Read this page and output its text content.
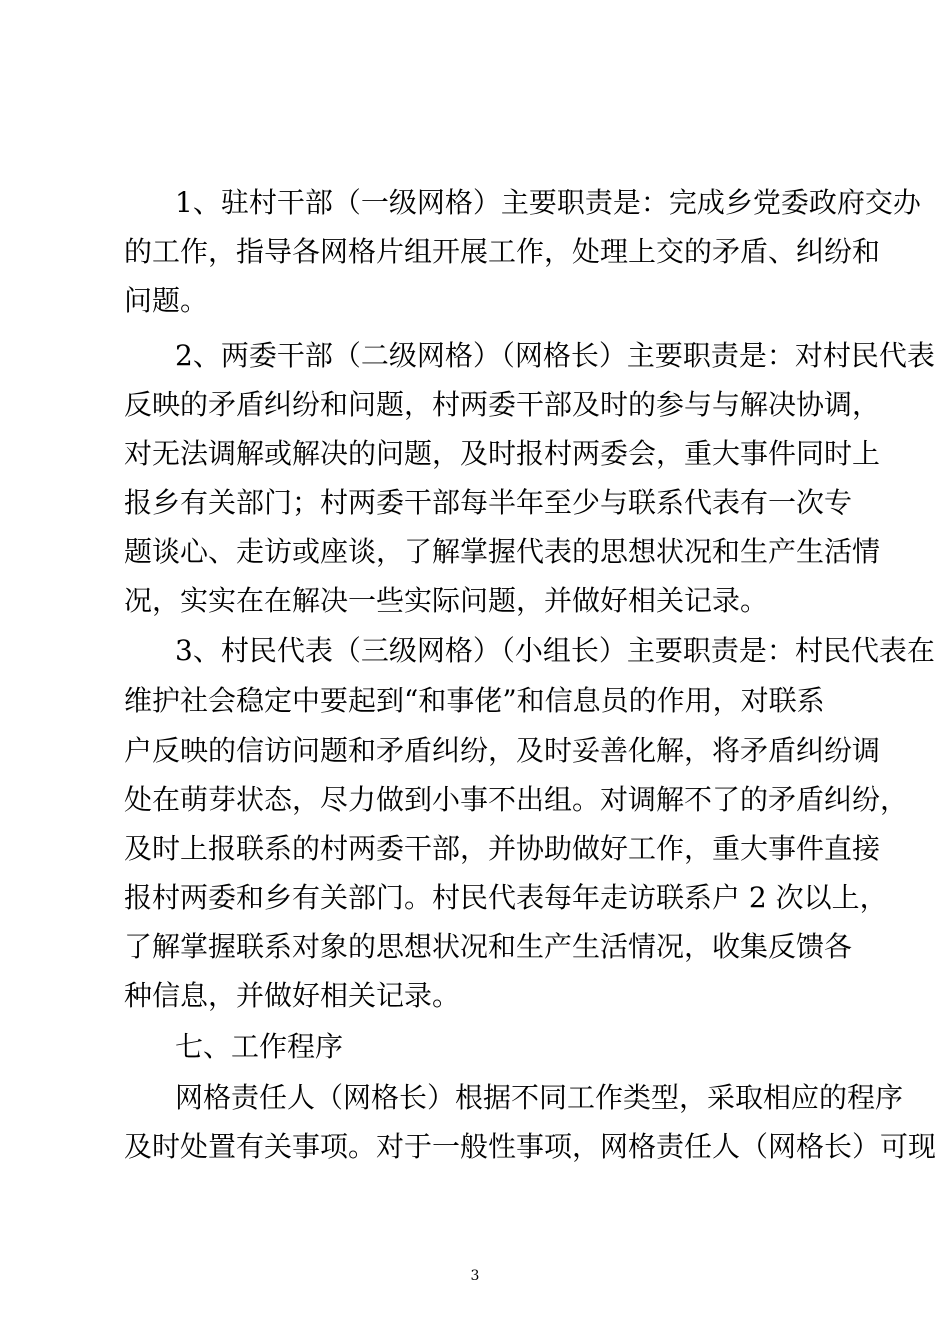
1、驻村干部（一级网格）主要职责是：完成乡党委政府交办
的工作，指导各网格片组开展工作，处理上交的矛盾、纠纷和
问题。
2、两委干部（二级网格）（网格长）主要职责是：对村民代表
反映的矛盾纠纷和问题，村两委干部及时的参与与解决协调，
对无法调解或解决的问题，及时报村两委会，重大事件同时上
报乡有关部门；村两委干部每半年至少与联系代表有一次专
题谈心、走访或座谈，了解掌握代表的思想状况和生产生活情
况，实实在在解决一些实际问题，并做好相关记录。
3、村民代表（三级网格）（小组长）主要职责是：村民代表在
维护社会稳定中要起到“和事佬”和信息员的作用，对联系
户反映的信访问题和矛盾纠纷，及时妥善化解，将矛盾纠纷调
处在萌芽状态，尽力做到小事不出组。对调解不了的矛盾纠纷，
及时上报联系的村两委干部，并协助做好工作，重大事件直接
报村两委和乡有关部门。村民代表每年走访联系户 2 次以上，
了解掌握联系对象的思想状况和生产生活情况，收集反馈各
种信息，并做好相关记录。
七、工作程序
网格责任人（网格长）根据不同工作类型，采取相应的程序
及时处置有关事项。对于一般性事项，网格责任人（网格长）可现
3
